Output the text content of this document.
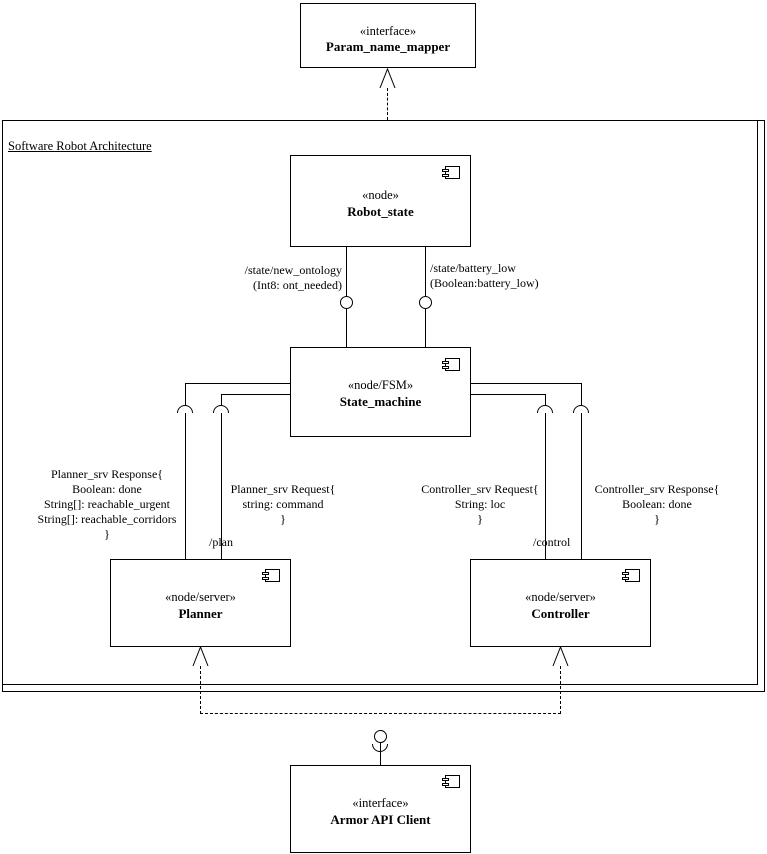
«interface»
Param_name_mapper
Software Robot Architecture
«node»
Robot_state
/state/new_ontology
(Int8: ont_needed)
/state/battery_low
(Boolean:battery_low)
«node/FSM»
State_machine
Planner_srv Response{
Boolean: done
String[]: reachable_urgent
String[]: reachable_corridors
}
Planner_srv Request{
string: command
}
Controller_srv Request{
String: loc
}
Controller_srv Response{
Boolean: done
}
/plan	/control
«node/server»
Planner
«node/server»
Controller
«interface»
Armor API Client
